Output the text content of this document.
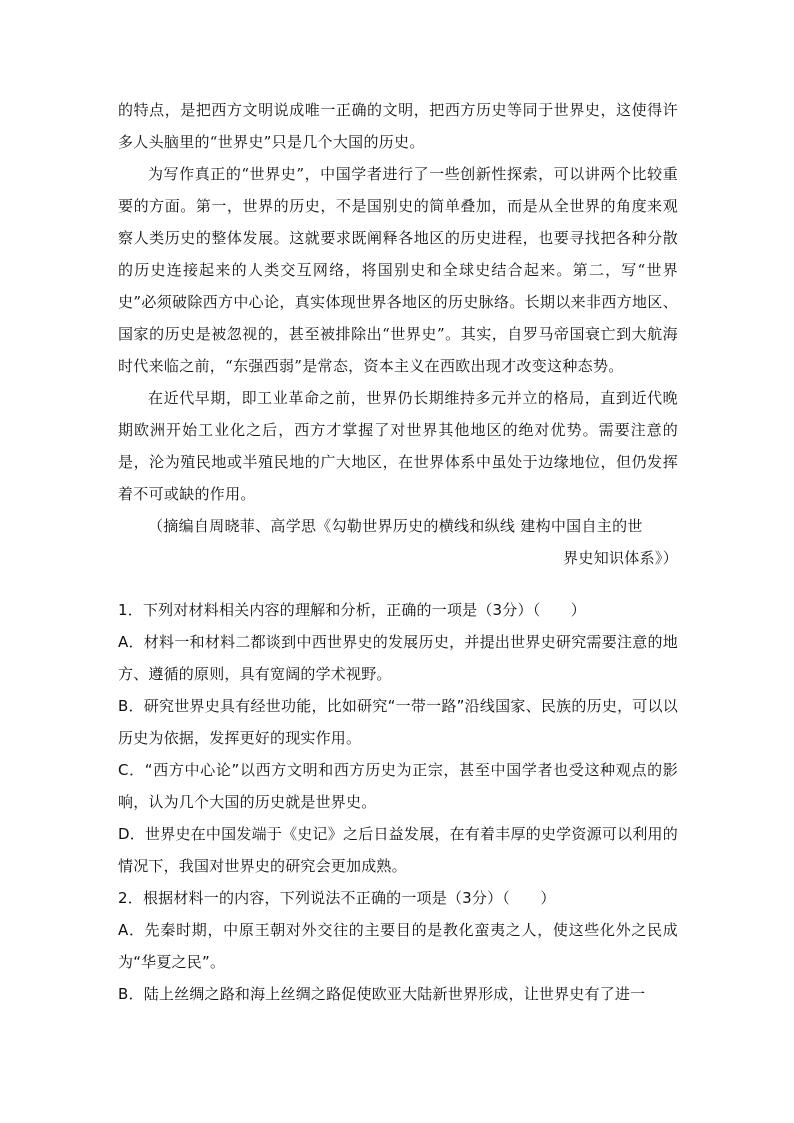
的特点，是把西方文明说成唯一正确的文明，把西方历史等同于世界史，这使得许多人头脑里的“世界史”只是几个大国的历史。

为写作真正的“世界史”，中国学者进行了一些创新性探索，可以讲两个比较重要的方面。第一，世界的历史，不是国别史的简单叠加，而是从全世界的角度来观察人类历史的整体发展。这就要求既阐释各地区的历史进程，也要寻找把各种分散的历史连接起来的人类交互网络，将国别史和全球史结合起来。第二，写“世界史”必须破除西方中心论，真实体现世界各地区的历史脉络。长期以来非西方地区、国家的历史是被忽视的，甚至被排除出“世界史”。其实，自罗马帝国衰亡到大航海时代来临之前，“东强西弱”是常态，资本主义在西欧出现才改变这种态势。

在近代早期，即工业革命之前，世界仍长期维持多元并立的格局，直到近代晚期欧洲开始工业化之后，西方才掌握了对世界其他地区的绝对优势。需要注意的是，沦为殖民地或半殖民地的广大地区，在世界体系中虽处于边缘地位，但仍发挥着不可或缺的作用。

（摘编自周晓菲、高学思《勾勒世界历史的横线和纵线 建构中国自主的世

界史知识体系》）

1．下列对材料相关内容的理解和分析，正确的一项是（3分）（　　）

A．材料一和材料二都谈到中西世界史的发展历史，并提出世界史研究需要注意的地方、遵循的原则，具有宽阔的学术视野。

B．研究世界史具有经世功能，比如研究“一带一路”沿线国家、民族的历史，可以以历史为依据，发挥更好的现实作用。

C．“西方中心论”以西方文明和西方历史为正宗，甚至中国学者也受这种观点的影响，认为几个大国的历史就是世界史。

D．世界史在中国发端于《史记》之后日益发展，在有着丰厚的史学资源可以利用的情况下，我国对世界史的研究会更加成熟。

2．根据材料一的内容，下列说法不正确的一项是（3分）（　　）

A．先秦时期，中原王朝对外交往的主要目的是教化蛮夷之人，使这些化外之民成为“华夏之民”。

B．陆上丝绸之路和海上丝绸之路促使欧亚大陆新世界形成，让世界史有了进一
